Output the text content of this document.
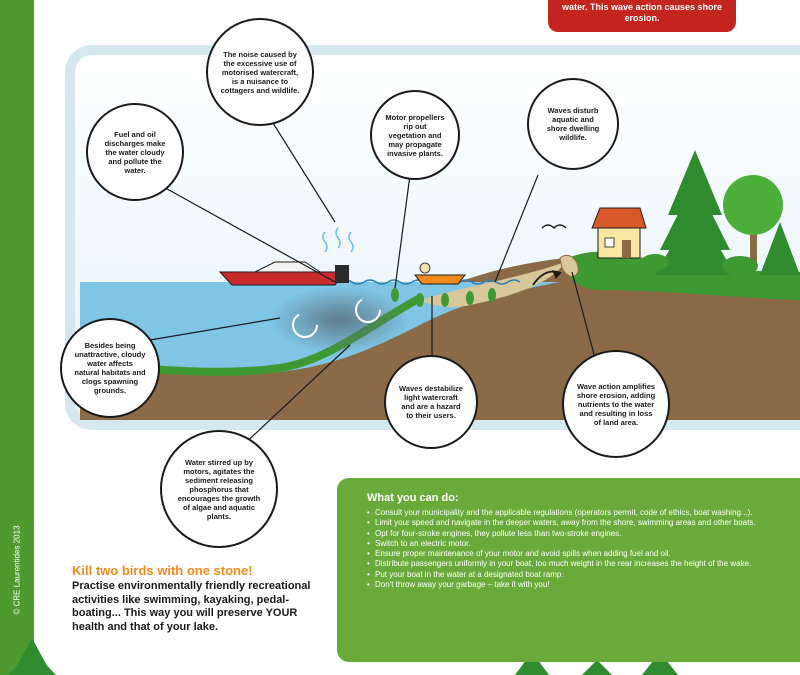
© CRE Laurentides 2013
water. This wave action causes shore erosion.
The noise caused by the excessive use of motorised watercraft, is a nuisance to cottagers and wildlife.
Fuel and oil discharges make the water cloudy and pollute the water.
Motor propellers rip out vegetation and may propagate invasive plants.
Waves disturb aquatic and shore dwelling wildlife.
Besides being unattractive, cloudy water affects natural habitats and clogs spawning grounds.	Waves destabilize light watercraft and are a hazard to their users.
Wave action amplifies shore erosion, adding nutrients to the water and resulting in loss of land area.
Water stirred up by motors, agitates the sediment releasing phosphorus that encourages the growth of algae and aquatic plants.
What you can do:
• Consult your municipality and the applicable regulations (operators permit, code of ethics, boat washing...).
• Limit your speed and navigate in the deeper waters, away from the shore, swimming areas and other boats.
• Opt for four-stroke engines, they pollute less than two-stroke engines.
• Switch to an electric motor.
• Ensure proper maintenance of your motor and avoid spills when adding fuel and oil.
• Distribute passengers uniformly in your boat, too much weight in the rear increases the height of the wake.
• Put your boat in the water at a designated boat ramp.
• Don't throw away your garbage – take it with you!
Kill two birds with one stone!
Practise environmentally friendly recreational activities like swimming, kayaking, pedal-boating... This way you will preserve YOUR health and that of your lake.
